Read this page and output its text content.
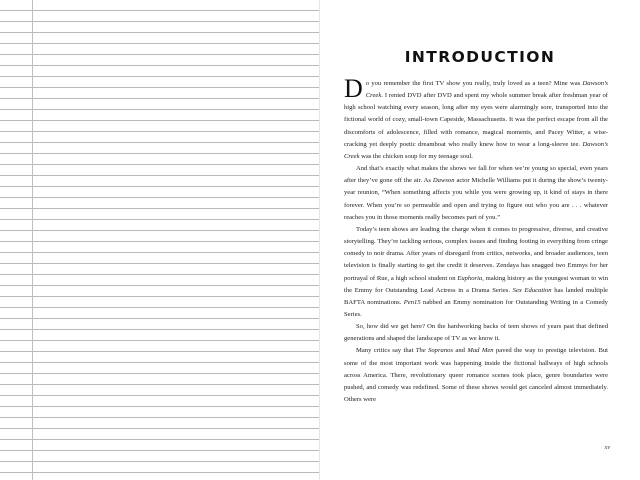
INTRODUCTION

Do you remember the first TV show you really, truly loved as a teen? Mine was Dawson’s Creek. I rented DVD after DVD and spent my whole summer break after freshman year of high school watching every season, long after my eyes were alarmingly sore, transported into the fictional world of cozy, small-town Capeside, Massachusetts. It was the perfect escape from all the discomforts of adolescence, filled with romance, magical moments, and Pacey Witter, a wise-cracking yet deeply poetic dreamboat who really knew how to wear a long-sleeve tee. Dawson’s Creek was the chicken soup for my teenage soul.

And that’s exactly what makes the shows we fall for when we’re young so special, even years after they’ve gone off the air. As Dawson actor Michelle Williams put it during the show’s twenty-year reunion, “When something affects you while you were growing up, it kind of stays in there forever. When you’re so permeable and open and trying to figure out who you are . . . whatever reaches you in those moments really becomes part of you.”

Today’s teen shows are leading the charge when it comes to progressive, diverse, and creative storytelling. They’re tackling serious, complex issues and finding footing in everything from cringe comedy to noir drama. After years of disregard from critics, networks, and broader audiences, teen television is finally starting to get the credit it deserves. Zendaya has snagged two Emmys for her portrayal of Rue, a high school student on Euphoria, making history as the youngest woman to win the Emmy for Outstanding Lead Actress in a Drama Series. Sex Education has landed multiple BAFTA nominations. Pen15 nabbed an Emmy nomination for Outstanding Writing in a Comedy Series.

So, how did we get here? On the hardworking backs of teen shows of years past that defined generations and shaped the landscape of TV as we know it.

Many critics say that The Sopranos and Mad Men paved the way to prestige television. But some of the most important work was happening inside the fictional hallways of high schools across America. There, revolutionary queer romance scenes took place, genre boundaries were pushed, and comedy was redefined. Some of these shows would get canceled almost immediately. Others were

xv
